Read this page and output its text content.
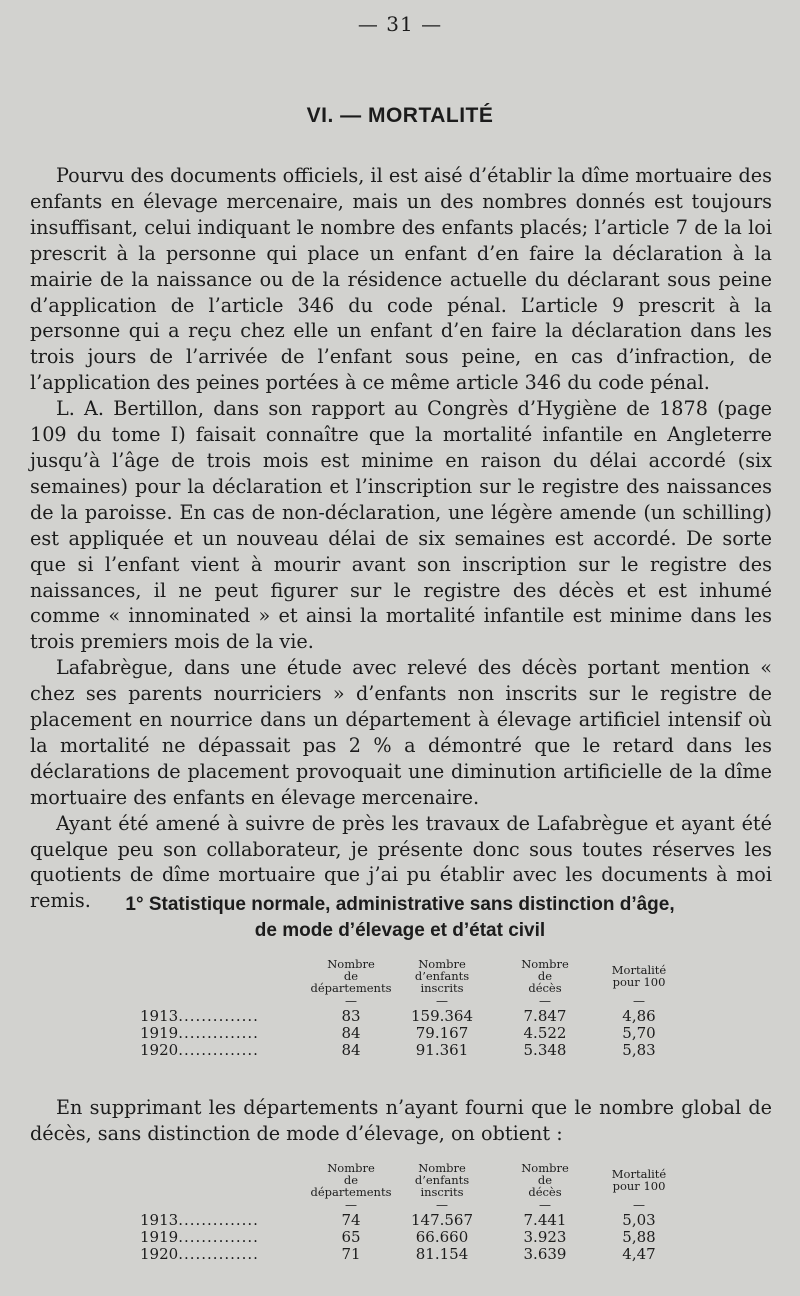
— 31 —
VI. — MORTALITÉ

Pourvu des documents officiels, il est aisé d’établir la dîme mortuaire des enfants en élevage mercenaire, mais un des nombres donnés est toujours insuffisant, celui indiquant le nombre des enfants placés; l’article 7 de la loi prescrit à la personne qui place un enfant d’en faire la déclaration à la mairie de la naissance ou de la résidence actuelle du déclarant sous peine d’application de l’article 346 du code pénal. L’article 9 prescrit à la personne qui a reçu chez elle un enfant d’en faire la déclaration dans les trois jours de l’arrivée de l’enfant sous peine, en cas d’infraction, de l’application des peines portées à ce même article 346 du code pénal.

L. A. Bertillon, dans son rapport au Congrès d’Hygiène de 1878 (page 109 du tome I) faisait connaître que la mortalité infantile en Angleterre jusqu’à l’âge de trois mois est minime en raison du délai accordé (six semaines) pour la déclaration et l’inscription sur le registre des naissances de la paroisse. En cas de non-déclaration, une légère amende (un schilling) est appliquée et un nouveau délai de six semaines est accordé. De sorte que si l’enfant vient à mourir avant son inscription sur le registre des naissances, il ne peut figurer sur le registre des décès et est inhumé comme « innominated » et ainsi la mortalité infantile est minime dans les trois premiers mois de la vie.

Lafabrègue, dans une étude avec relevé des décès portant mention « chez ses parents nourriciers » d’enfants non inscrits sur le registre de placement en nourrice dans un département à élevage artificiel intensif où la mortalité ne dépassait pas 2 % a démontré que le retard dans les déclarations de placement provoquait une diminution artificielle de la dîme mortuaire des enfants en élevage mercenaire.

Ayant été amené à suivre de près les travaux de Lafabrègue et ayant été quelque peu son collaborateur, je présente donc sous toutes réserves les quotients de dîme mortuaire que j’ai pu établir avec les documents à moi remis.	1° Statistique normale, administrative sans distinction d’âge,
de mode d’élevage et d’état civil

	Nombre
de
départements	Nombre
d’enfants
inscrits	Nombre
de
décès	Mortalité
pour 100

	—	—	—	—
1913..............	83	159.364	7.847	4,86
1919..............	84	79.167	4.522	5,70
1920..............	84	91.361	5.348	5,83

En supprimant les départements n’ayant fourni que le nombre global de décès, sans distinction de mode d’élevage, on obtient :

	Nombre
de
départements	Nombre
d’enfants
inscrits	Nombre
de
décès	Mortalité
pour 100

	—	—	—	—
1913..............	74	147.567	7.441	5,03
1919..............	65	66.660	3.923	5,88
1920..............	71	81.154	3.639	4,47
